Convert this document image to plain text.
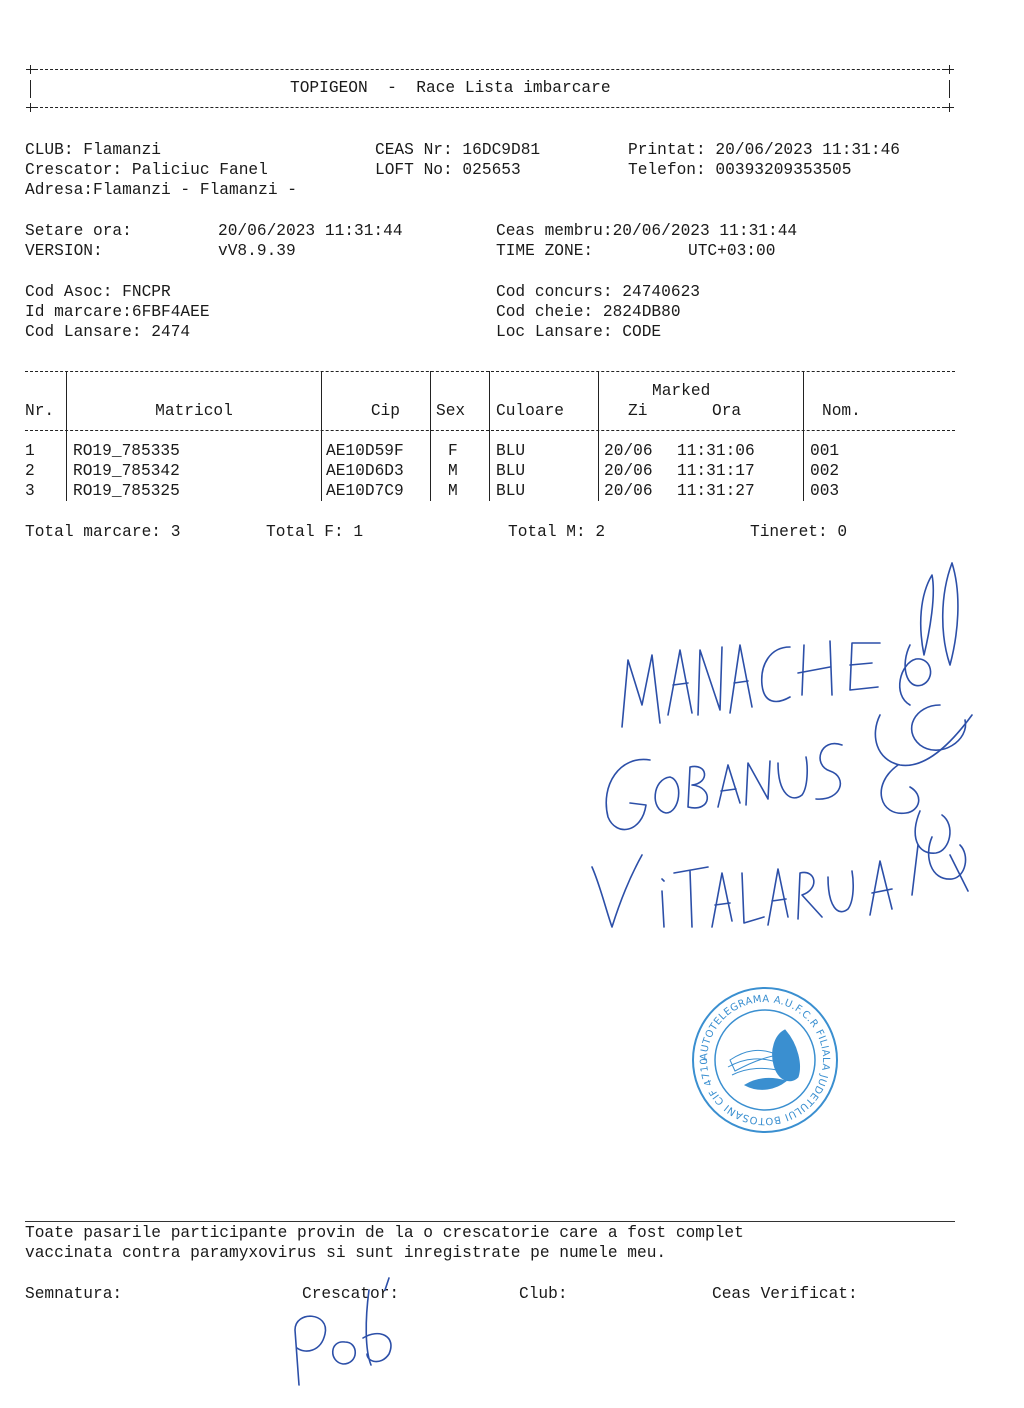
TOPIGEON  -  Race Lista imbarcare
CLUB: Flamanzi
Crescator: Paliciuc Fanel
Adresa:Flamanzi - Flamanzi -
CEAS Nr: 16DC9D81
LOFT No: 025653
Printat: 20/06/2023 11:31:46
Telefon: 00393209353505
Setare ora:	20/06/2023 11:31:44
VERSION:	vV8.9.39
Ceas membru:20/06/2023 11:31:44
TIME ZONE:	UTC+03:00
Cod Asoc: FNCPR
Id marcare:6FBF4AEE
Cod Lansare: 2474
Cod concurs: 24740623
Cod cheie: 2824DB80
Loc Lansare: CODE
Nr.	Matricol	Cip Sex Culoare
Marked
Zi	Ora	Nom.
1 RO19_785335	AE10D59F	F BLU	20/06 11:31:06	001
2 RO19_785342	AE10D6D3	M BLU	20/06 11:31:17	002
3 RO19_785325	AE10D7C9	M BLU	20/06 11:31:27	003
Total marcare: 3	Total F: 1	Total M: 2	Tineret: 0
AUTOTELEGRAMA A.U.F.C.R FILIALA JUDETULUI BOTOSANI CIF 4710208
Toate pasarile participante provin de la o crescatorie care a fost complet
vaccinata contra paramyxovirus si sunt inregistrate pe numele meu.
Semnatura:	Crescator:	Club:	Ceas Verificat:
